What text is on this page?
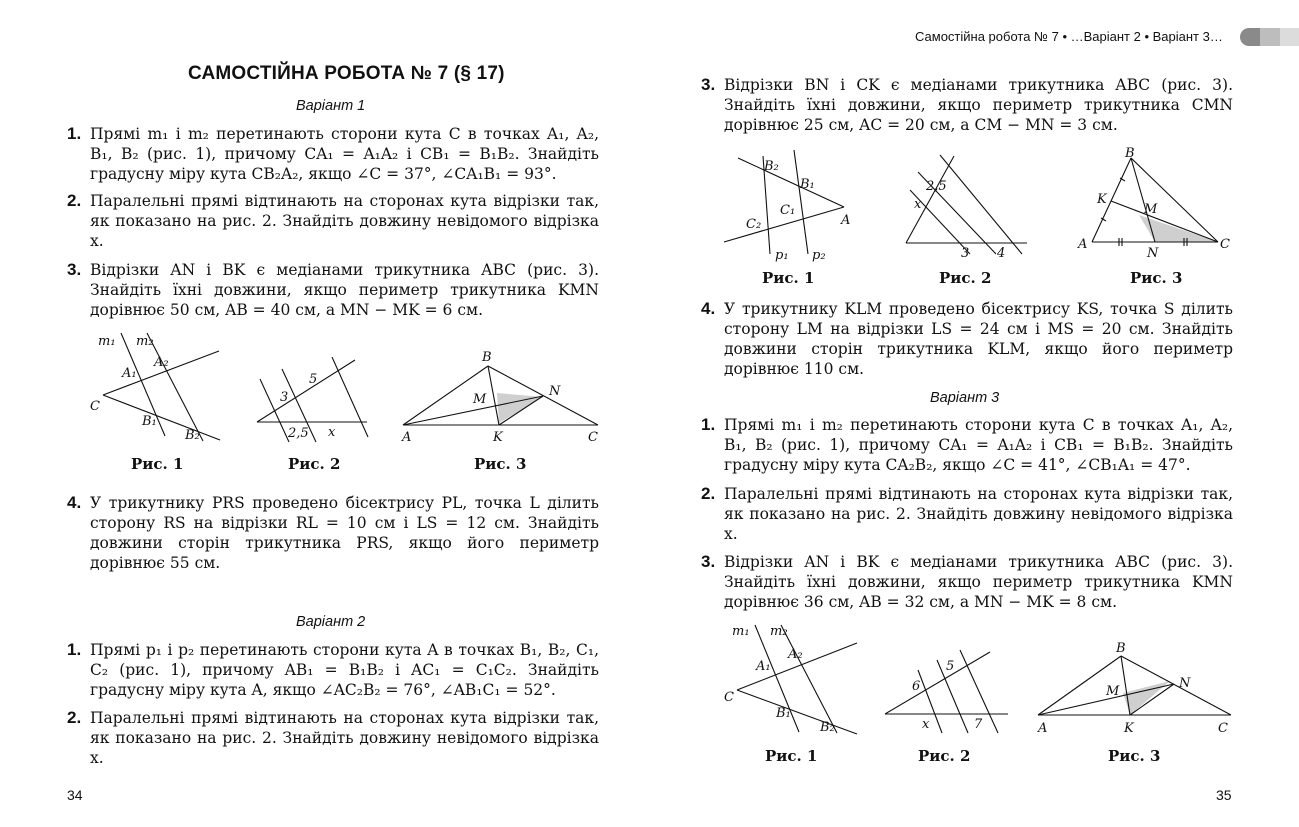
САМОСТІЙНА РОБОТА № 7 (§ 17)
Варіант 1
1. Прямі m₁ і m₂ перетинають сторони кута C в точках A₁, A₂, B₁, B₂ (рис. 1), причому CA₁ = A₁A₂ і CB₁ = B₁B₂. Знайдіть градусну міру кута CB₂A₂, якщо ∠C = 37°, ∠CA₁B₁ = 93°.
2. Паралельні прямі відтинають на сторонах кута відрізки так, як показано на рис. 2. Знайдіть довжину невідомого відрізка x.
3. Відрізки AN і BK є медіанами трикутника ABC (рис. 3). Знайдіть їхні довжини, якщо периметр трикутника KMN дорівнює 50 см, AB = 40 см, а MN − MK = 6 см.
m₁ m₂
A₂
A₁
C
B₁
B₂
Рис. 1
3
5
2,5 x
Рис. 2
B
M
N
A	K	C
Рис. 3
4. У трикутнику PRS проведено бісектрису PL, точка L ділить сторону RS на відрізки RL = 10 см і LS = 12 см. Знайдіть довжини сторін трикутника PRS, якщо його периметр дорівнює 55 см.
Варіант 2
1. Прямі p₁ і p₂ перетинають сторони кута A в точках B₁, B₂, C₁, C₂ (рис. 1), причому AB₁ = B₁B₂ і AC₁ = C₁C₂. Знайдіть градусну міру кута A, якщо ∠AC₂B₂ = 76°, ∠AB₁C₁ = 52°.
2. Паралельні прямі відтинають на сторонах кута відрізки так, як показано на рис. 2. Знайдіть довжину невідомого відрізка x.
34
Самостійна робота № 7 • …Варіант 2 • Варіант 3…
3. Відрізки BN і CK є медіанами трикутника ABC (рис. 3). Знайдіть їхні довжини, якщо периметр трикутника CMN дорівнює 25 см, AC = 20 см, а CM − MN = 3 см.
B₂
B₁
C₁
C₂	A
p₁ p₂
Рис. 1
x
2,5
3 4
Рис. 2
B
K
M
A
N
C
Рис. 3
4. У трикутнику KLM проведено бісектрису KS, точка S ділить сторону LM на відрізки LS = 24 см і MS = 20 см. Знайдіть довжини сторін трикутника KLM, якщо його периметр дорівнює 110 см.
Варіант 3
1. Прямі m₁ і m₂ перетинають сторони кута C в точках A₁, A₂, B₁, B₂ (рис. 1), причому CA₁ = A₁A₂ і CB₁ = B₁B₂. Знайдіть градусну міру кута CA₂B₂, якщо ∠C = 41°, ∠CB₁A₁ = 47°.
2. Паралельні прямі відтинають на сторонах кута відрізки так, як показано на рис. 2. Знайдіть довжину невідомого відрізка x.
3. Відрізки AN і BK є медіанами трикутника ABC (рис. 3). Знайдіть їхні довжини, якщо периметр трикутника KMN дорівнює 36 см, AB = 32 см, а MN − MK = 8 см.
m₁ m₂
A₂
A₁
C
B₁
B₂
Рис. 1
6
5
x	7
Рис. 2
B
M
N
A	K	C
Рис. 3
35
